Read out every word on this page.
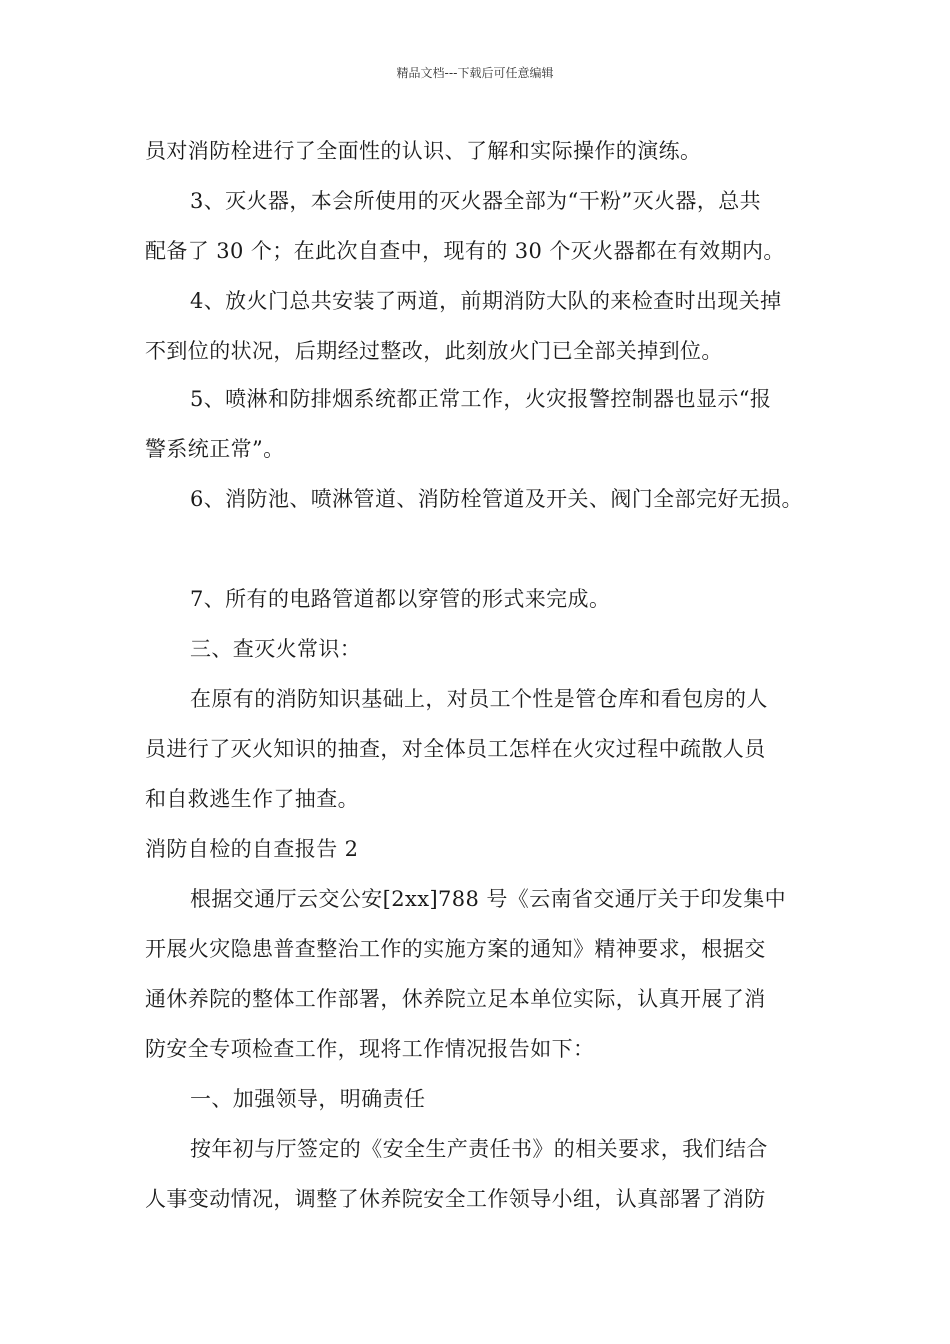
精品文档---下载后可任意编辑
员对消防栓进行了全面性的认识、了解和实际操作的演练。
3、灭火器，本会所使用的灭火器全部为“干粉”灭火器，总共
配备了 30 个；在此次自查中，现有的 30 个灭火器都在有效期内。
4、放火门总共安装了两道，前期消防大队的来检查时出现关掉
不到位的状况，后期经过整改，此刻放火门已全部关掉到位。
5、喷淋和防排烟系统都正常工作，火灾报警控制器也显示“报
警系统正常”。
6、消防池、喷淋管道、消防栓管道及开关、阀门全部完好无损。
7、所有的电路管道都以穿管的形式来完成。
三、查灭火常识：
在原有的消防知识基础上，对员工个性是管仓库和看包房的人
员进行了灭火知识的抽查，对全体员工怎样在火灾过程中疏散人员
和自救逃生作了抽查。
消防自检的自查报告 2
根据交通厅云交公安[2xx]788 号《云南省交通厅关于印发集中
开展火灾隐患普查整治工作的实施方案的通知》精神要求，根据交
通休养院的整体工作部署，休养院立足本单位实际，认真开展了消
防安全专项检查工作，现将工作情况报告如下：
一、加强领导，明确责任
按年初与厅签定的《安全生产责任书》的相关要求，我们结合
人事变动情况，调整了休养院安全工作领导小组，认真部署了消防
